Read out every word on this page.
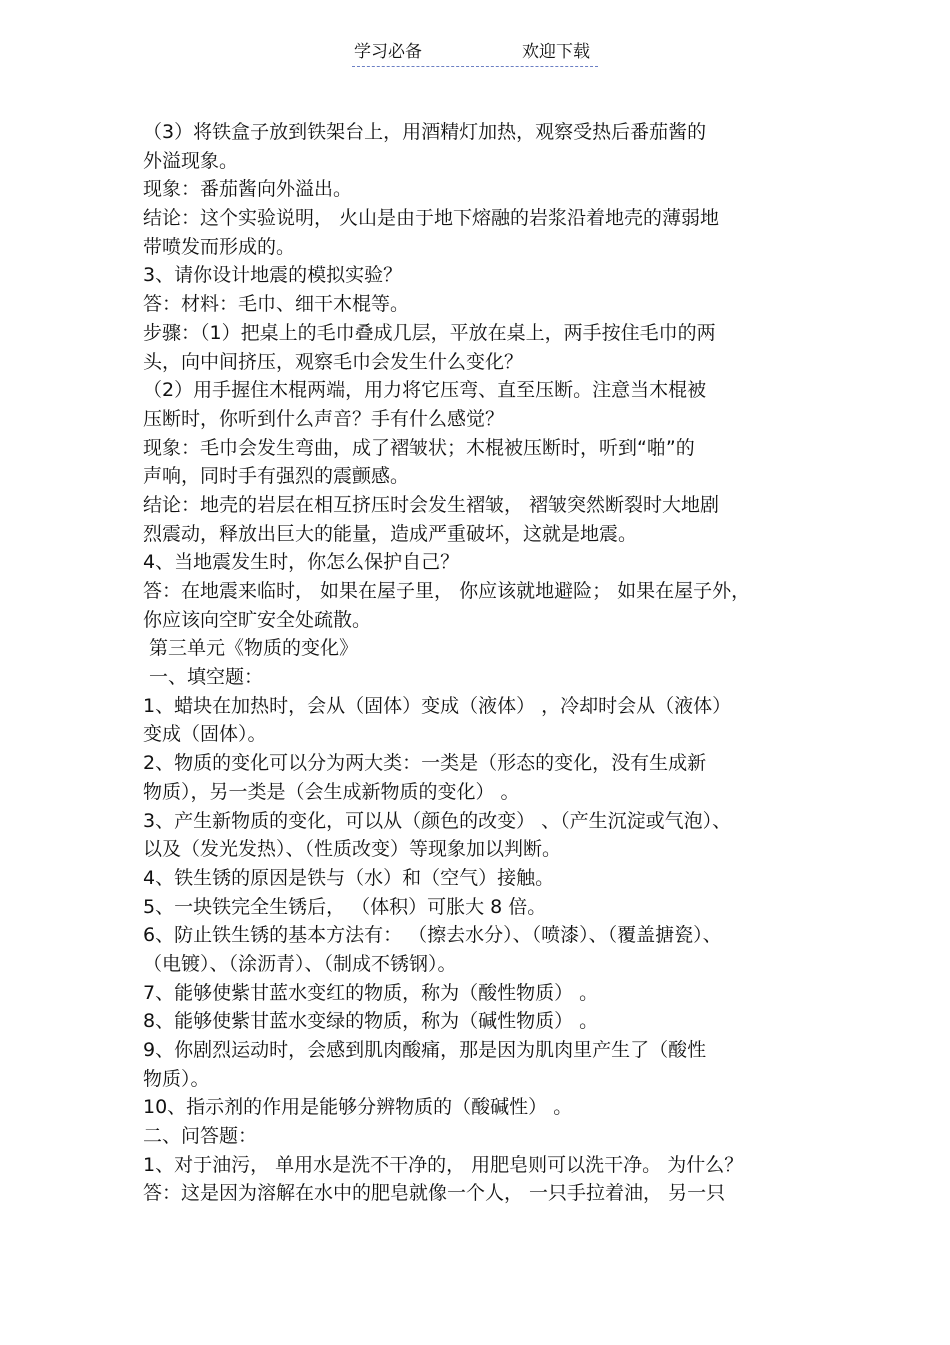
学习必备	欢迎下载
（3）将铁盒子放到铁架台上，用酒精灯加热，观察受热后番茄酱的
外溢现象。
现象：番茄酱向外溢出。
结论：这个实验说明， 火山是由于地下熔融的岩浆沿着地壳的薄弱地
带喷发而形成的。
3、请你设计地震的模拟实验？
答：材料：毛巾、细干木棍等。
步骤：（1）把桌上的毛巾叠成几层，平放在桌上，两手按住毛巾的两
头，向中间挤压，观察毛巾会发生什么变化？
（2）用手握住木棍两端，用力将它压弯、直至压断。注意当木棍被
压断时，你听到什么声音？手有什么感觉？
现象：毛巾会发生弯曲，成了褶皱状；木棍被压断时，听到“啪”的
声响，同时手有强烈的震颤感。
结论：地壳的岩层在相互挤压时会发生褶皱， 褶皱突然断裂时大地剧
烈震动，释放出巨大的能量，造成严重破坏，这就是地震。
4、当地震发生时，你怎么保护自己？
答：在地震来临时， 如果在屋子里， 你应该就地避险； 如果在屋子外，
你应该向空旷安全处疏散。
第三单元《物质的变化》
一、填空题：
1、蜡块在加热时，会从（固体）变成（液体） ，冷却时会从（液体）
变成（固体）。
2、物质的变化可以分为两大类：一类是（形态的变化，没有生成新
物质），另一类是（会生成新物质的变化） 。
3、产生新物质的变化，可以从（颜色的改变） 、（产生沉淀或气泡）、
以及（发光发热）、（性质改变）等现象加以判断。
4、铁生锈的原因是铁与（水）和（空气）接触。
5、一块铁完全生锈后， （体积）可胀大 8 倍。
6、防止铁生锈的基本方法有： （擦去水分）、（喷漆）、（覆盖搪瓷）、
（电镀）、（涂沥青）、（制成不锈钢）。
7、能够使紫甘蓝水变红的物质，称为（酸性物质） 。
8、能够使紫甘蓝水变绿的物质，称为（碱性物质） 。
9、你剧烈运动时，会感到肌肉酸痛，那是因为肌肉里产生了（酸性
物质）。
10、指示剂的作用是能够分辨物质的（酸碱性） 。
二、问答题：
1、对于油污， 单用水是洗不干净的， 用肥皂则可以洗干净。 为什么？
答：这是因为溶解在水中的肥皂就像一个人， 一只手拉着油， 另一只
